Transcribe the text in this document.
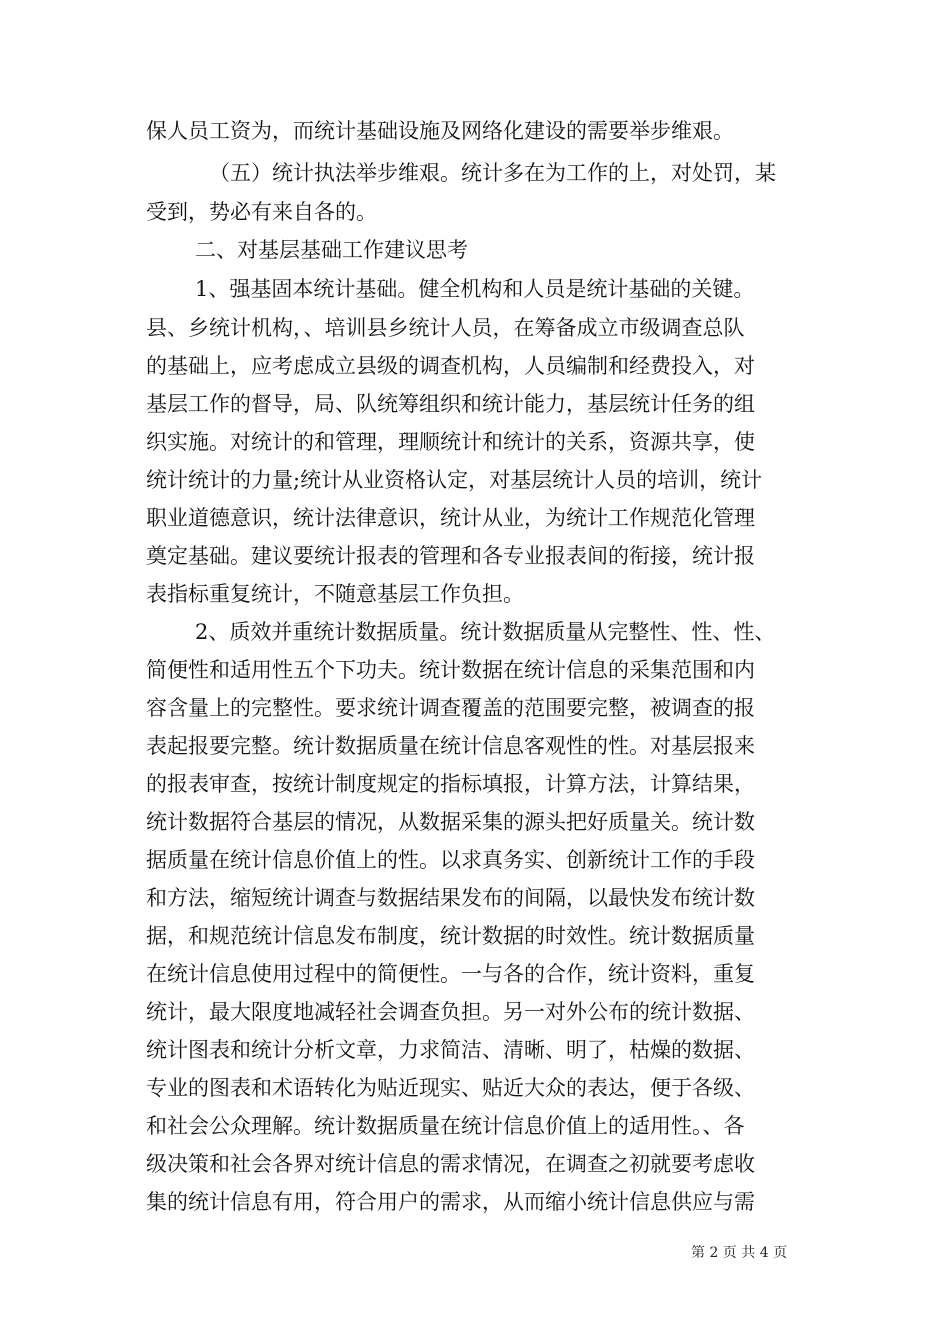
保人员工资为，而统计基础设施及网络化建设的需要举步维艰。
（五）统计执法举步维艰。统计多在为工作的上，对处罚，某
受到，势必有来自各的。
二、对基层基础工作建议思考
1、强基固本统计基础。健全机构和人员是统计基础的关键。
县、乡统计机构，、培训县乡统计人员，在筹备成立市级调查总队
的基础上，应考虑成立县级的调查机构，人员编制和经费投入，对
基层工作的督导，局、队统筹组织和统计能力，基层统计任务的组
织实施。对统计的和管理，理顺统计和统计的关系，资源共享，使
统计统计的力量;统计从业资格认定，对基层统计人员的培训，统计
职业道德意识，统计法律意识，统计从业，为统计工作规范化管理
奠定基础。建议要统计报表的管理和各专业报表间的衔接，统计报
表指标重复统计，不随意基层工作负担。
2、质效并重统计数据质量。统计数据质量从完整性、性、性、
简便性和适用性五个下功夫。统计数据在统计信息的采集范围和内
容含量上的完整性。要求统计调查覆盖的范围要完整，被调查的报
表起报要完整。统计数据质量在统计信息客观性的性。对基层报来
的报表审查，按统计制度规定的指标填报，计算方法，计算结果，
统计数据符合基层的情况，从数据采集的源头把好质量关。统计数
据质量在统计信息价值上的性。以求真务实、创新统计工作的手段
和方法，缩短统计调查与数据结果发布的间隔，以最快发布统计数
据，和规范统计信息发布制度，统计数据的时效性。统计数据质量
在统计信息使用过程中的简便性。一与各的合作，统计资料，重复
统计，最大限度地减轻社会调查负担。另一对外公布的统计数据、
统计图表和统计分析文章，力求简洁、清晰、明了，枯燥的数据、
专业的图表和术语转化为贴近现实、贴近大众的表达，便于各级、
和社会公众理解。统计数据质量在统计信息价值上的适用性。、各
级决策和社会各界对统计信息的需求情况，在调查之初就要考虑收
集的统计信息有用，符合用户的需求，从而缩小统计信息供应与需
第 2 页 共 4 页
